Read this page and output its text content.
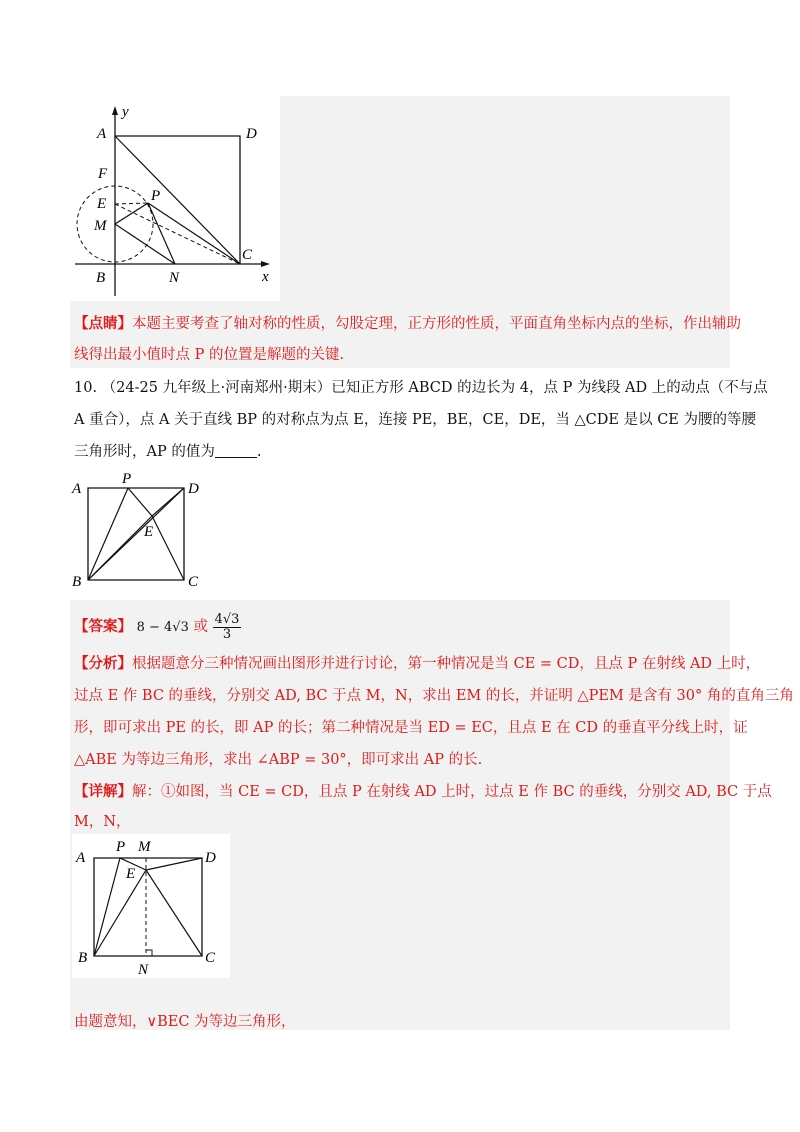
y
x
A	D
F
P
E
M
B	N
C
【点睛】本题主要考查了轴对称的性质，勾股定理，正方形的性质，平面直角坐标内点的坐标，作出辅助
线得出最小值时点 P 的位置是解题的关键.
10. （24-25 九年级上·河南郑州·期末）已知正方形 ABCD 的边长为 4，点 P 为线段 AD 上的动点（不与点
A 重合），点 A 关于直线 BP 的对称点为点 E，连接 PE，BE，CE，DE，当 △CDE 是以 CE 为腰的等腰
三角形时，AP 的值为	.
A
P
D
E
B	C
【答案】 8 − 4√3 或 $\frac{4√3}{3}$
【分析】根据题意分三种情况画出图形并进行讨论，第一种情况是当 CE = CD，且点 P 在射线 AD 上时，
过点 E 作 BC 的垂线，分别交 AD, BC 于点 M，N，求出 EM 的长，并证明 △PEM 是含有 30° 角的直角三角
形，即可求出 PE 的长，即 AP 的长；第二种情况是当 ED = EC，且点 E 在 CD 的垂直平分线上时，证
△ABE 为等边三角形，求出 ∠ABP = 30°，即可求出 AP 的长.
【详解】解：①如图，当 CE = CD，且点 P 在射线 AD 上时，过点 E 作 BC 的垂线，分别交 AD, BC 于点
M，N，
A
P M
D
E
B
N
C
由题意知，∨BEC 为等边三角形，
